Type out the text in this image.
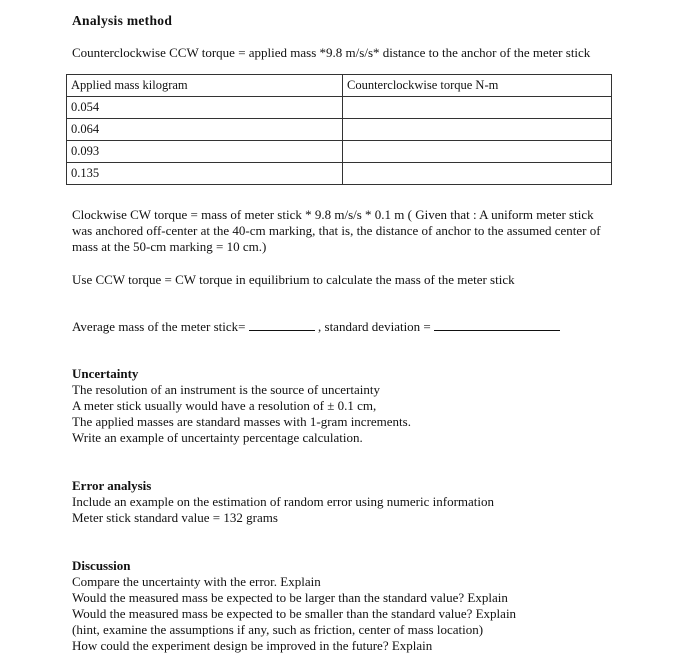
Analysis method
Counterclockwise CCW torque = applied mass *9.8 m/s/s* distance to the anchor of the meter stick
Applied mass kilogram	Counterclockwise torque N-m
0.054	
0.064	
0.093	
0.135	
Clockwise CW torque = mass of meter stick * 9.8 m/s/s * 0.1 m ( Given that : A uniform meter stick
was anchored off-center at the 40-cm marking, that is, the distance of anchor to the assumed center of
mass at the 50-cm marking = 10 cm.)
Use CCW torque = CW torque in equilibrium to calculate the mass of the meter stick
Average mass of the meter stick=	, standard deviation =
Uncertainty
The resolution of an instrument is the source of uncertainty
A meter stick usually would have a resolution of ± 0.1 cm,
The applied masses are standard masses with 1-gram increments.
Write an example of uncertainty percentage calculation.
Error analysis
Include an example on the estimation of random error using numeric information
Meter stick standard value = 132 grams
Discussion
Compare the uncertainty with the error. Explain
Would the measured mass be expected to be larger than the standard value? Explain
Would the measured mass be expected to be smaller than the standard value? Explain
(hint, examine the assumptions if any, such as friction, center of mass location)
How could the experiment design be improved in the future? Explain
